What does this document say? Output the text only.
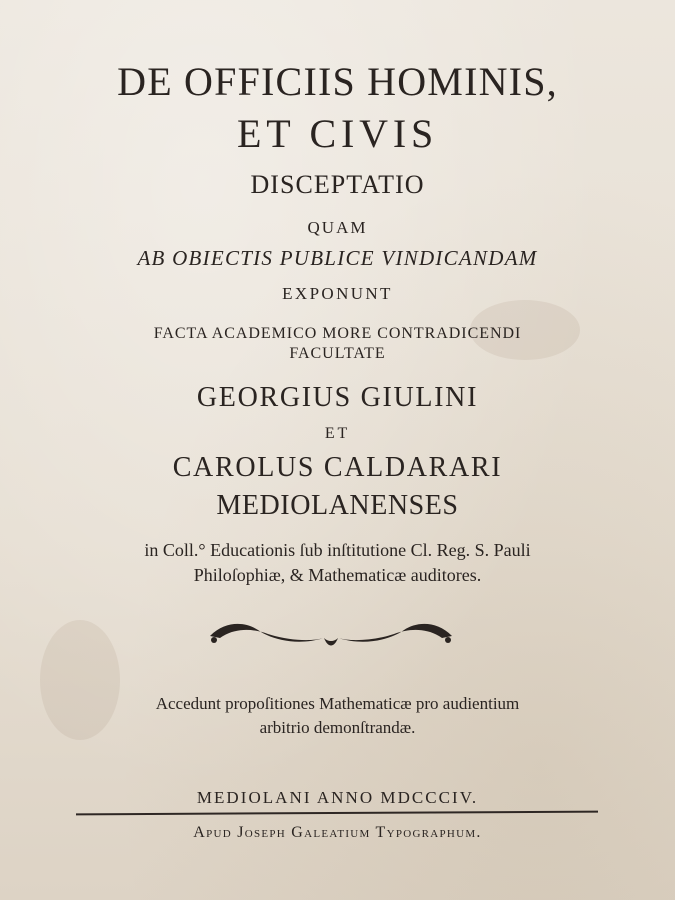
DE OFFICIIS HOMINIS,
ET CIVIS
DISCEPTATIO
QUAM
AB OBIECTIS PUBLICE VINDICANDAM
EXPONUNT
FACTA ACADEMICO MORE CONTRADICENDI
FACULTATE
GEORGIUS GIULINI
ET
CAROLUS CALDARARI
MEDIOLANENSES
in Coll.° Educationis ſub inſtitutione Cl. Reg. S. Pauli
Philoſophiæ, & Mathematicæ auditores.
Accedunt propoſitiones Mathematicæ pro audientium
arbitrio demonſtrandæ.
MEDIOLANI ANNO MDCCCIV.
Apud Joseph Galeatium Typographum.
